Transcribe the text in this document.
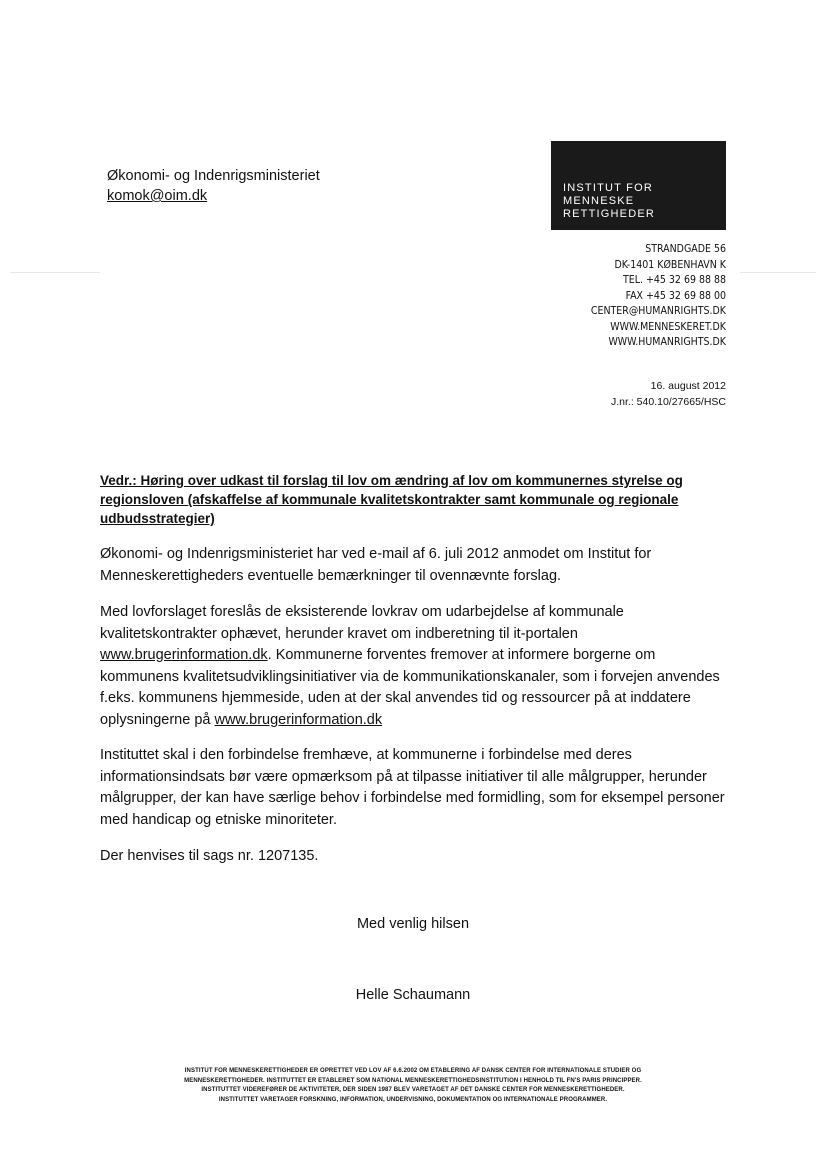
Økonomi- og Indenrigsministeriet
komok@oim.dk	INSTITUT FOR
MENNESKE
RETTIGHEDER
STRANDGADE 56
DK-1401 KØBENHAVN K
TEL. +45 32 69 88 88
FAX +45 32 69 88 00
CENTER@HUMANRIGHTS.DK
WWW.MENNESKERET.DK
WWW.HUMANRIGHTS.DK
16. august 2012
J.nr.: 540.10/27665/HSC
Vedr.: Høring over udkast til forslag til lov om ændring af lov om kommunernes styrelse og
regionsloven (afskaffelse af kommunale kvalitetskontrakter samt kommunale og regionale
udbudsstrategier)
Økonomi- og Indenrigsministeriet har ved e-mail af 6. juli 2012 anmodet om Institut for
Menneskerettigheders eventuelle bemærkninger til ovennævnte forslag.
Med lovforslaget foreslås de eksisterende lovkrav om udarbejdelse af kommunale
kvalitetskontrakter ophævet, herunder kravet om indberetning til it-portalen
www.brugerinformation.dk. Kommunerne forventes fremover at informere borgerne om
kommunens kvalitetsudviklingsinitiativer via de kommunikationskanaler, som i forvejen anvendes
f.eks. kommunens hjemmeside, uden at der skal anvendes tid og ressourcer på at inddatere
oplysningerne på www.brugerinformation.dk
Instituttet skal i den forbindelse fremhæve, at kommunerne i forbindelse med deres
informationsindsats bør være opmærksom på at tilpasse initiativer til alle målgrupper, herunder
målgrupper, der kan have særlige behov i forbindelse med formidling, som for eksempel personer
med handicap og etniske minoriteter.
Der henvises til sags nr. 1207135.
Med venlig hilsen
Helle Schaumann
INSTITUT FOR MENNESKERETTIGHEDER ER OPRETTET VED LOV AF 6.6.2002 OM ETABLERING AF DANSK CENTER FOR INTERNATIONALE STUDIER OG
MENNESKERETTIGHEDER. INSTITUTTET ER ETABLERET SOM NATIONAL MENNESKERETTIGHEDSINSTITUTION I HENHOLD TIL FN'S PARIS PRINCIPPER.
INSTITUTTET VIDEREFØRER DE AKTIVITETER, DER SIDEN 1987 BLEV VARETAGET AF DET DANSKE CENTER FOR MENNESKERETTIGHEDER.
INSTITUTTET VARETAGER FORSKNING, INFORMATION, UNDERVISNING, DOKUMENTATION OG INTERNATIONALE PROGRAMMER.
